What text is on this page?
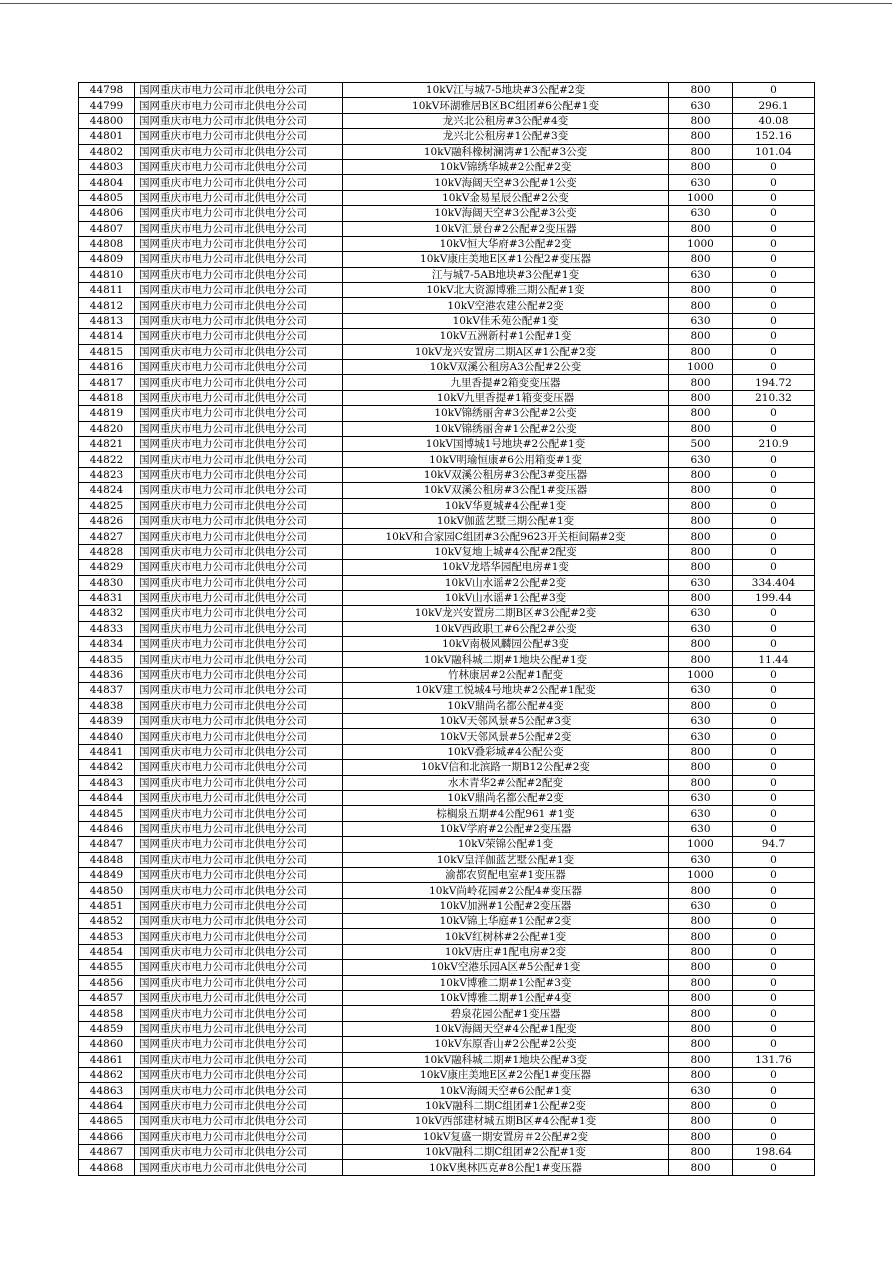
44798	国网重庆市电力公司市北供电分公司	10kV江与城7-5地块#3公配#2变	800	0
44799	国网重庆市电力公司市北供电分公司	10kV环湖雅居B区BC组团#6公配#1变	630	296.1
44800	国网重庆市电力公司市北供电分公司	龙兴北公租房#3公配#4变	800	40.08
44801	国网重庆市电力公司市北供电分公司	龙兴北公租房#1公配#3变	800	152.16
44802	国网重庆市电力公司市北供电分公司	10kV融科橡树澜湾#1公配#3公变	800	101.04
44803	国网重庆市电力公司市北供电分公司	10kV锦绣华城#2公配#2变	800	0
44804	国网重庆市电力公司市北供电分公司	10kV海阔天空#3公配#1公变	630	0
44805	国网重庆市电力公司市北供电分公司	10kV金易星辰公配#2公变	1000	0
44806	国网重庆市电力公司市北供电分公司	10kV海阔天空#3公配#3公变	630	0
44807	国网重庆市电力公司市北供电分公司	10kV汇景台#2公配#2变压器	800	0
44808	国网重庆市电力公司市北供电分公司	10kV恒大华府#3公配#2变	1000	0
44809	国网重庆市电力公司市北供电分公司	10kV康庄美地E区#1公配2#变压器	800	0
44810	国网重庆市电力公司市北供电分公司	江与城7-5AB地块#3公配#1变	630	0
44811	国网重庆市电力公司市北供电分公司	10kV北大资源博雅三期公配#1变	800	0
44812	国网重庆市电力公司市北供电分公司	10kV空港农建公配#2变	800	0
44813	国网重庆市电力公司市北供电分公司	10kV佳禾苑公配#1变	630	0
44814	国网重庆市电力公司市北供电分公司	10kV五洲新村#1公配#1变	800	0
44815	国网重庆市电力公司市北供电分公司	10kV龙兴安置房二期A区#1公配#2变	800	0
44816	国网重庆市电力公司市北供电分公司	10kV双溪公租房A3公配#2公变	1000	0
44817	国网重庆市电力公司市北供电分公司	九里香提#2箱变变压器	800	194.72
44818	国网重庆市电力公司市北供电分公司	10kV九里香提#1箱变变压器	800	210.32
44819	国网重庆市电力公司市北供电分公司	10kV锦绣丽舍#3公配#2公变	800	0
44820	国网重庆市电力公司市北供电分公司	10kV锦绣丽舍#1公配#2公变	800	0
44821	国网重庆市电力公司市北供电分公司	10kV国博城1号地块#2公配#1变	500	210.9
44822	国网重庆市电力公司市北供电分公司	10kV明瑜恒康#6公用箱变#1变	630	0
44823	国网重庆市电力公司市北供电分公司	10kV双溪公租房#3公配3#变压器	800	0
44824	国网重庆市电力公司市北供电分公司	10kV双溪公租房#3公配1#变压器	800	0
44825	国网重庆市电力公司市北供电分公司	10kV华夏城#4公配#1变	800	0
44826	国网重庆市电力公司市北供电分公司	10kV伽蓝艺墅三期公配#1变	800	0
44827	国网重庆市电力公司市北供电分公司	10kV和合家园C组团#3公配9623开关柜间隔#2变	800	0
44828	国网重庆市电力公司市北供电分公司	10kV复地上城#4公配#2配变	800	0
44829	国网重庆市电力公司市北供电分公司	10kV龙塔华园配电房#1变	800	0
44830	国网重庆市电力公司市北供电分公司	10kV山水谣#2公配#2变	630	334.404
44831	国网重庆市电力公司市北供电分公司	10kV山水谣#1公配#3变	800	199.44
44832	国网重庆市电力公司市北供电分公司	10kV龙兴安置房二期B区#3公配#2变	630	0
44833	国网重庆市电力公司市北供电分公司	10kV西政职工#6公配2#公变	630	0
44834	国网重庆市电力公司市北供电分公司	10kV南极风麟园公配#3变	800	0
44835	国网重庆市电力公司市北供电分公司	10kV融科城二期#1地块公配#1变	800	11.44
44836	国网重庆市电力公司市北供电分公司	竹林康居#2公配#1配变	1000	0
44837	国网重庆市电力公司市北供电分公司	10kV建工悦城4号地块#2公配#1配变	630	0
44838	国网重庆市电力公司市北供电分公司	10kV鼎尚名都公配#4变	800	0
44839	国网重庆市电力公司市北供电分公司	10kV天邻风景#5公配#3变	630	0
44840	国网重庆市电力公司市北供电分公司	10kV天邻风景#5公配#2变	630	0
44841	国网重庆市电力公司市北供电分公司	10kV叠彩城#4公配公变	800	0
44842	国网重庆市电力公司市北供电分公司	10kV信和北滨路一期B12公配#2变	800	0
44843	国网重庆市电力公司市北供电分公司	水木青华2#公配#2配变	800	0
44844	国网重庆市电力公司市北供电分公司	10kV鼎尚名都公配#2变	630	0
44845	国网重庆市电力公司市北供电分公司	棕榈泉五期#4公配961 #1变	630	0
44846	国网重庆市电力公司市北供电分公司	10kV学府#2公配#2变压器	630	0
44847	国网重庆市电力公司市北供电分公司	10kV荣锦公配#1变	1000	94.7
44848	国网重庆市电力公司市北供电分公司	10kV皇洋伽蓝艺墅公配#1变	630	0
44849	国网重庆市电力公司市北供电分公司	渝都农贸配电室#1变压器	1000	0
44850	国网重庆市电力公司市北供电分公司	10kV尚岭花园#2公配4#变压器	800	0
44851	国网重庆市电力公司市北供电分公司	10kV加洲#1公配#2变压器	630	0
44852	国网重庆市电力公司市北供电分公司	10kV锦上华庭#1公配#2变	800	0
44853	国网重庆市电力公司市北供电分公司	10kV红树林#2公配#1变	800	0
44854	国网重庆市电力公司市北供电分公司	10kV唐庄#1配电房#2变	800	0
44855	国网重庆市电力公司市北供电分公司	10kV空港乐园A区#5公配#1变	800	0
44856	国网重庆市电力公司市北供电分公司	10kV博雅二期#1公配#3变	800	0
44857	国网重庆市电力公司市北供电分公司	10kV博雅二期#1公配#4变	800	0
44858	国网重庆市电力公司市北供电分公司	碧泉花园公配#1变压器	800	0
44859	国网重庆市电力公司市北供电分公司	10kV海阔天空#4公配#1配变	800	0
44860	国网重庆市电力公司市北供电分公司	10kV东原香山#2公配#2公变	800	0
44861	国网重庆市电力公司市北供电分公司	10kV融科城二期#1地块公配#3变	800	131.76
44862	国网重庆市电力公司市北供电分公司	10kV康庄美地E区#2公配1#变压器	800	0
44863	国网重庆市电力公司市北供电分公司	10kV海阔天空#6公配#1变	630	0
44864	国网重庆市电力公司市北供电分公司	10kV融科二期C组团#1公配#2变	800	0
44865	国网重庆市电力公司市北供电分公司	10kV西部建材城五期B区#4公配#1变	800	0
44866	国网重庆市电力公司市北供电分公司	10kV复盛一期安置房＃2公配#2变	800	0
44867	国网重庆市电力公司市北供电分公司	10kV融科二期C组团#2公配#1变	800	198.64
44868	国网重庆市电力公司市北供电分公司	10kV奥林匹克#8公配1#变压器	800	0
